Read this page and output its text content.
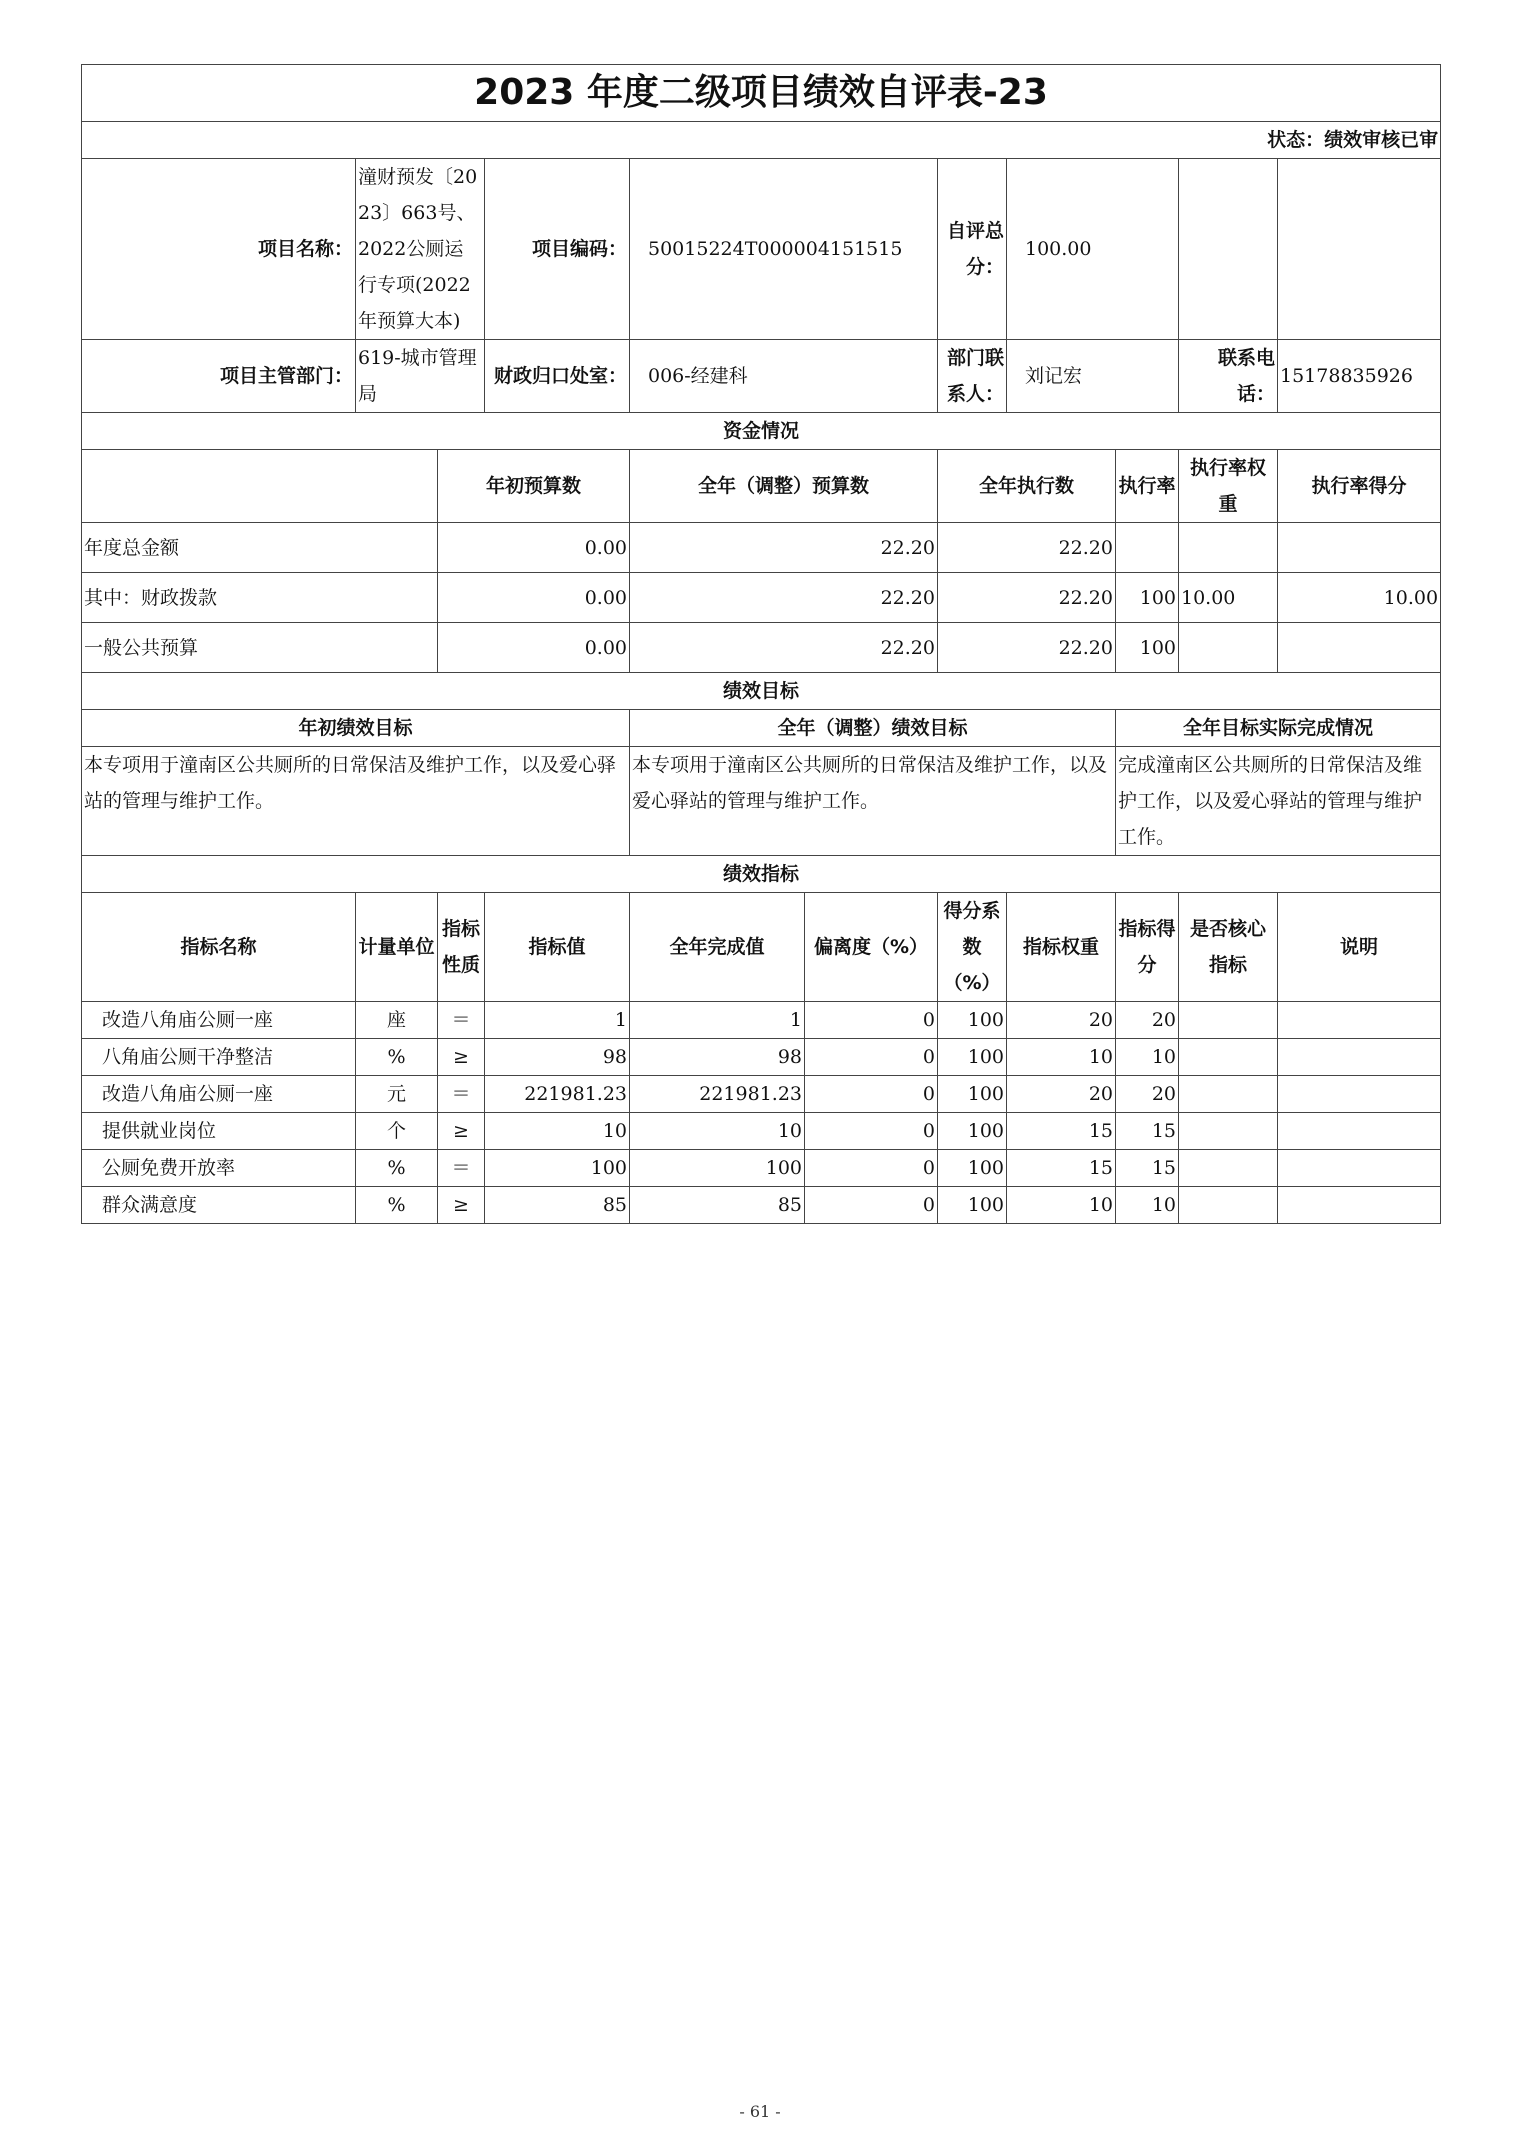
2023 年度二级项目绩效自评表-23										
状态：绩效审核已审										
项目名称：	潼财预发〔2023〕663号、2022公厕运行专项(2022年预算大本)		项目编码：	50015224T000004151515		自评总分：	100.00			
项目主管部门：	619-城市管理局		财政归口处室：	006-经建科		部门联系人：	刘记宏		联系电话：	15178835926
资金情况										
		年初预算数		全年（调整）预算数		全年执行数		执行率	执行率权重	执行率得分
年度总金额		0.00		22.20		22.20				
其中：财政拨款		0.00		22.20		22.20		100	10.00	10.00
一般公共预算		0.00		22.20		22.20		100		
绩效目标										
年初绩效目标				全年（调整）绩效目标				全年目标实际完成情况		
本专项用于潼南区公共厕所的日常保洁及维护工作，以及爱心驿站的管理与维护工作。				本专项用于潼南区公共厕所的日常保洁及维护工作，以及爱心驿站的管理与维护工作。				完成潼南区公共厕所的日常保洁及维护工作，以及爱心驿站的管理与维护工作。		
绩效指标										
指标名称	计量单位	指标性质	指标值	全年完成值	偏离度（%）	得分系数（%）	指标权重	指标得分	是否核心指标	说明
改造八角庙公厕一座	座	＝	1	1	0	100	20	20		
八角庙公厕干净整洁	%	≥	98	98	0	100	10	10		
改造八角庙公厕一座	元	＝	221981.23	221981.23	0	100	20	20		
提供就业岗位	个	≥	10	10	0	100	15	15		
公厕免费开放率	%	＝	100	100	0	100	15	15		
群众满意度	%	≥	85	85	0	100	10	10		
- 61 -
